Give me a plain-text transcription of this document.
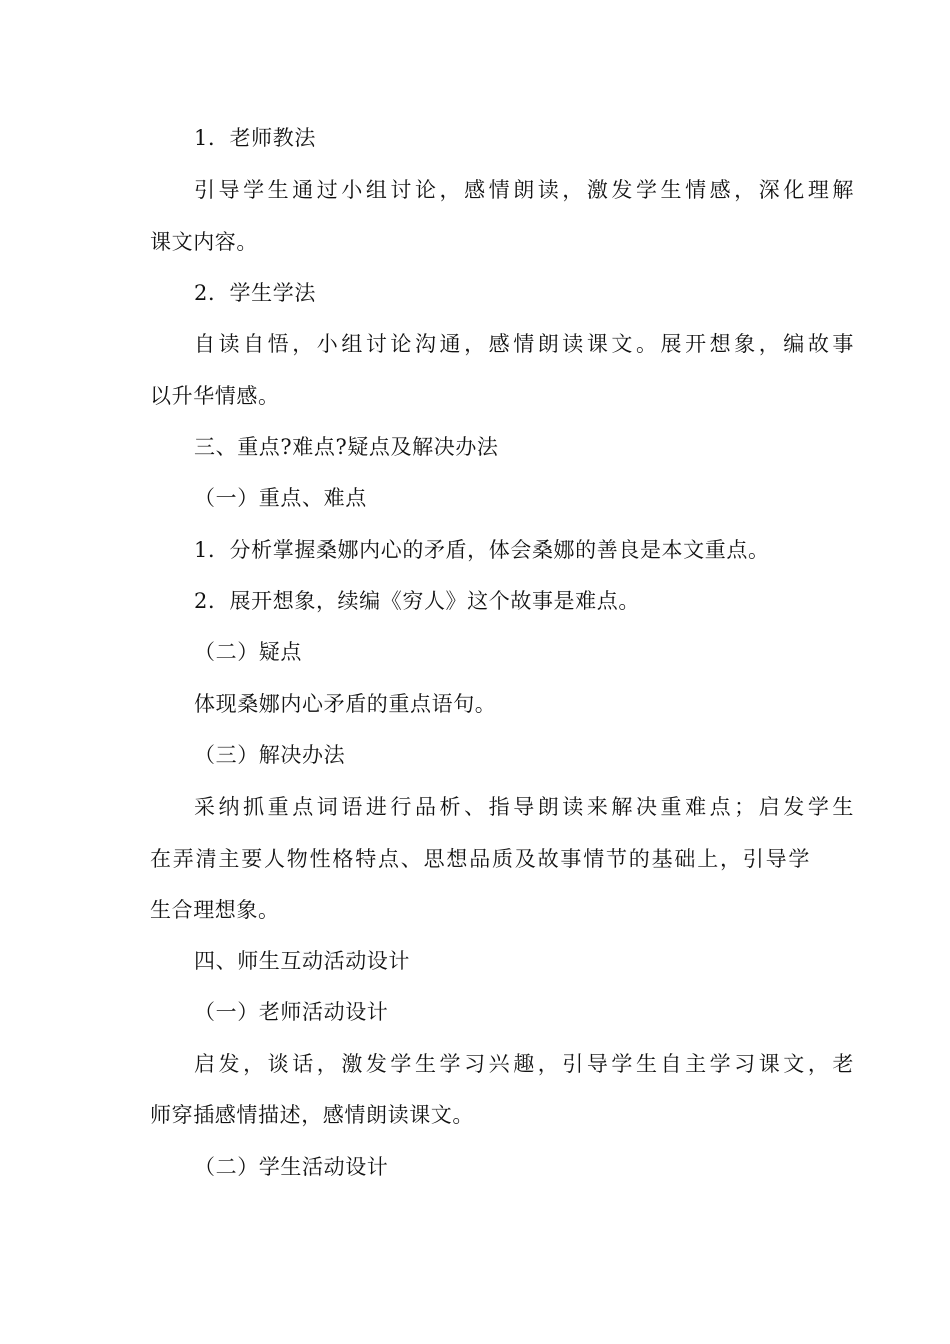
1．老师教法
引导学生通过小组讨论，感情朗读，激发学生情感，深化理解
课文内容。
2．学生学法
自读自悟，小组讨论沟通，感情朗读课文。展开想象，编故事
以升华情感。
三、重点?难点?疑点及解决办法
（一）重点、难点
1．分析掌握桑娜内心的矛盾，体会桑娜的善良是本文重点。
2．展开想象，续编《穷人》这个故事是难点。
（二）疑点
体现桑娜内心矛盾的重点语句。
（三）解决办法
采纳抓重点词语进行品析、指导朗读来解决重难点；启发学生
在弄清主要人物性格特点、思想品质及故事情节的基础上，引导学
生合理想象。
四、师生互动活动设计
（一）老师活动设计
启发，谈话，激发学生学习兴趣，引导学生自主学习课文，老
师穿插感情描述，感情朗读课文。
（二）学生活动设计
